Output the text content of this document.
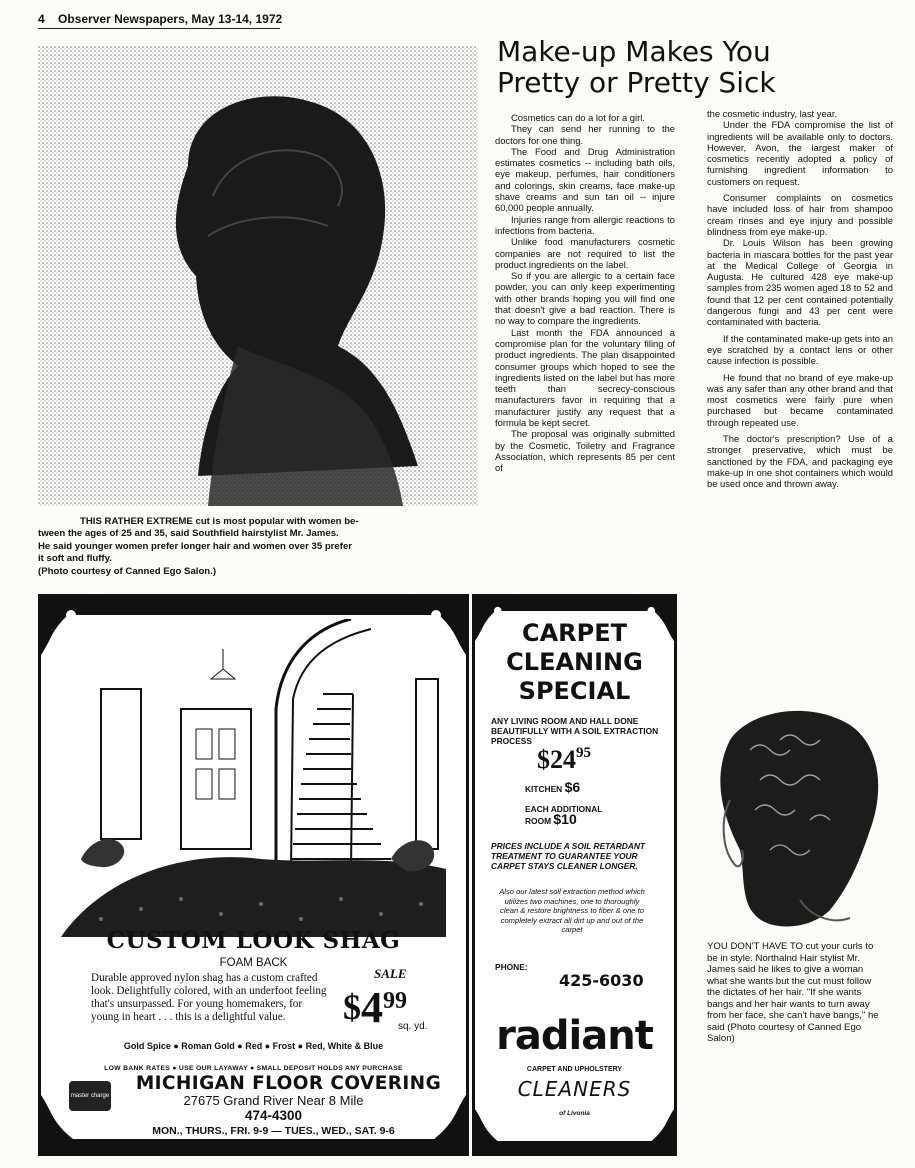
4 Observer Newspapers, May 13-14, 1972

THIS RATHER EXTREME cut is most popular with women be-

tween the ages of 25 and 35, said Southfield hairstylist Mr. James.

He said younger women prefer longer hair and women over 35 prefer

it soft and fluffy.

(Photo courtesy of Canned Ego Salon.)

Make-up Makes You
Pretty or Pretty Sick

Cosmetics can do a lot for a girl.

They can send her running to the doctors for one thing.

The Food and Drug Administration estimates cosmetics -- including bath oils, eye makeup, perfumes, hair conditioners and colorings, skin creams, face make-up shave creams and sun tan oil -- injure 60,000 people annually.

Injuries range from allergic reactions to infections from bacteria.

Unlike food manufacturers cosmetic companies are not required to list the product ingredients on the label.

So if you are allergic to a certain face powder, you can only keep experimenting with other brands hoping you will find one that doesn't give a bad reaction. There is no way to compare the ingredients.

Last month the FDA announced a compromise plan for the voluntary filing of product ingredients. The plan disappointed consumer groups which hoped to see the ingredients listed on the label but has more teeth than secrecy-conscious manufacturers favor in requiring that a manufacturer justify any request that a formula be kept secret.

The proposal was originally submitted by the Cosmetic, Toiletry and Fragrance Association, which represents 85 per cent of

the cosmetic industry, last year.

Under the FDA compromise the list of ingredients will be available only to doctors. However, Avon, the largest maker of cosmetics recently adopted a policy of furnishing ingredient information to customers on request.

Consumer complaints on cosmetics have included loss of hair from shampoo cream rinses and eye injury and possible blindness from eye make-up.

Dr. Louis Wilson has been growing bacteria in mascara bottles for the past year at the Medical College of Georgia in Augusta. He cultured 428 eye make-up samples from 235 women aged 18 to 52 and found that 12 per cent contained potentially dangerous fungi and 43 per cent were contaminated with bacteria.

If the contaminated make-up gets into an eye scratched by a contact lens or other cause infection is possible.

He found that no brand of eye make-up was any safer than any other brand and that most cosmetics were fairly pure when purchased but became contaminated through repeated use.

The doctor's prescription? Use of a stronger preservative, which must be sanctioned by the FDA, and packaging eye make-up in one shot containers which would be used once and thrown away.

CUSTOM LOOK SHAG
FOAM BACK
Durable approved nylon shag has a custom crafted look. Delightfully colored, with an underfoot feeling that's unsurpassed. For young homemakers, for young in heart . . . this is a delightful value.
SALE
$499
sq. yd.
Gold Spice ● Roman Gold ● Red ● Frost ● Red, White & Blue
LOW BANK RATES ● USE OUR LAYAWAY ● SMALL DEPOSIT HOLDS ANY PURCHASE
master charge
MICHIGAN FLOOR COVERING
27675 Grand River Near 8 Mile
474-4300
MON., THURS., FRI. 9-9 — TUES., WED., SAT. 9-6
CARPET
CLEANING
SPECIAL
ANY LIVING ROOM AND HALL DONE BEAUTIFULLY WITH A SOIL EXTRACTION PROCESS
$2495
KITCHEN $6
EACH ADDITIONAL
ROOM $10
PRICES INCLUDE A SOIL RETARDANT TREATMENT TO GUARANTEE YOUR CARPET STAYS CLEANER LONGER.
Also our latest soil extraction method which utilizes two machines, one to thoroughly clean & restore brightness to fiber & one to completely extract all dirt up and out of the carpet
PHONE:
425-6030
radiant
CARPET AND UPHOLSTERY
CLEANERS
of Livonia

YOU DON'T HAVE TO cut your curls to be in style. Northalnd Hair stylist Mr. James said he likes to give a woman what she wants but the cut must follow the dictates of her hair. "If she wants bangs and her hair wants to turn away from her face, she can't have bangs," he said (Photo courtesy of Canned Ego Salon)
